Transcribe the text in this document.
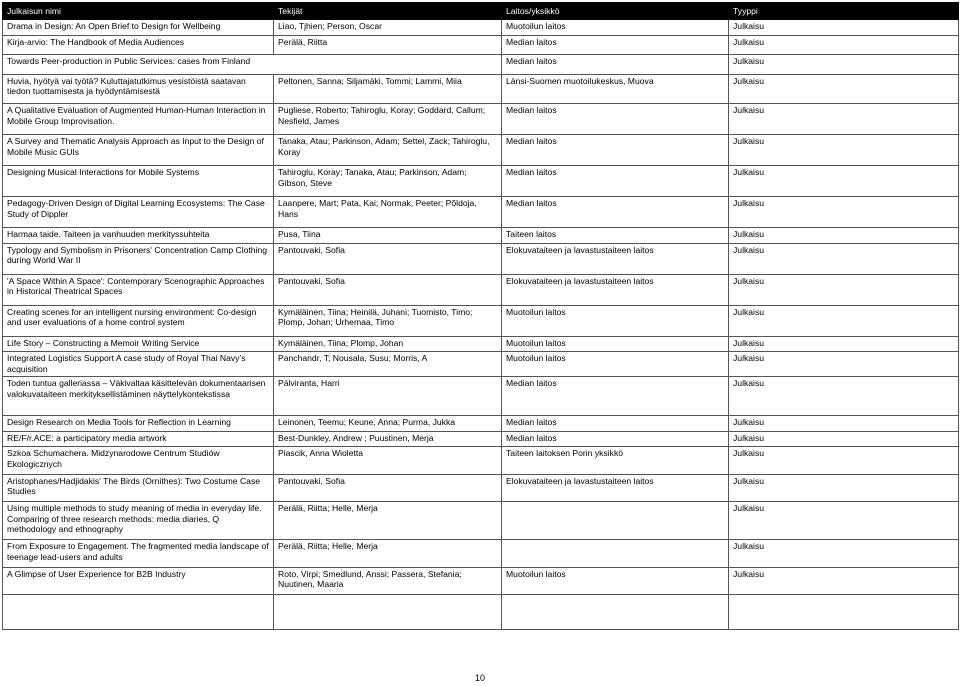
Julkaisun nimi	Tekijät	Laitos/yksikkö	Tyyppi
Drama in Design: An Open Brief to Design for Wellbeing	Liao, Tjhien; Person, Oscar	Muotoilun laitos	Julkaisu
Kirja-arvio: The Handbook of Media Audiences	Perälä, Riitta	Median laitos	Julkaisu
Towards Peer-production in Public Services: cases from Finland		Median laitos	Julkaisu
Huvia, hyötyä vai työtä? Kuluttajatutkimus vesistöistä saatavan tiedon tuottamisesta ja hyödyntämisestä	Peltonen, Sanna; Siljamäki, Tommi; Lammi, Miia	Länsi-Suomen muotoilukeskus, Muova	Julkaisu
A Qualitative Evaluation of Augmented Human-Human Interaction in Mobile Group Improvisation.	Pugliese, Roberto; Tahiroglu, Koray; Goddard, Callum; Nesfield, James	Median laitos	Julkaisu
A Survey and Thematic Analysis Approach as Input to the Design of Mobile Music GUIs	Tanaka, Atau; Parkinson, Adam; Settel, Zack; Tahiroglu, Koray	Median laitos	Julkaisu
Designing Musical Interactions for Mobile Systems	Tahiroglu, Koray; Tanaka, Atau; Parkinson, Adam; Gibson, Steve	Median laitos	Julkaisu
Pedagogy-Driven Design of Digital Learning Ecosystems: The Case Study of Dippler	Laanpere, Mart; Pata, Kai; Normak, Peeter; Põldoja, Hans	Median laitos	Julkaisu
Harmaa taide. Taiteen ja vanhuuden merkityssuhteita	Pusa, Tiina	Taiteen laitos	Julkaisu
Typology and Symbolism in Prisoners' Concentration Camp Clothing during World War II	Pantouvaki, Sofia	Elokuvataiteen ja lavastustaiteen laitos	Julkaisu
'A Space Within A Space': Contemporary Scenographic Approaches in Historical Theatrical Spaces	Pantouvaki, Sofia	Elokuvataiteen ja lavastustaiteen laitos	Julkaisu
Creating scenes for an intelligent nursing environment: Co-design and user evaluations of a home control system	Kymäläinen, Tiina; Heinilä, Juhani; Tuomisto, Timo; Plomp, Johan; Urhemaa, Timo	Muotoilun laitos	Julkaisu
Life Story – Constructing a Memoir Writing Service	Kymäläinen, Tiina; Plomp, Johan	Muotoilun laitos	Julkaisu
Integrated Logistics Support A case study of Royal Thai Navy’s acquisition	Panchandr, T; Nousala, Susu; Morris, A	Muotoilun laitos	Julkaisu
Toden tuntua galleriassa – Väkivaltaa käsittelevän dokumentaarisen valokuvataiteen merkityksellistäminen näyttelykontekstissa	Pälviranta, Harri	Median laitos	Julkaisu
Design Research on Media Tools for Reflection in Learning	Leinonen, Teemu; Keune, Anna; Purma, Jukka	Median laitos	Julkaisu
RE/F/r.ACE: a participatory media artwork	Best-Dunkley, Andrew ; Puustinen, Merja	Median laitos	Julkaisu
Szkoa Schumachera. Midzynarodowe Centrum Studiów Ekologicznych	Piascik, Anna Wioletta	Taiteen laitoksen Porin yksikkö	Julkaisu
Aristophanes/Hadjidakis' The Birds (Ornithes): Two Costume Case Studies	Pantouvaki, Sofia	Elokuvataiteen ja lavastustaiteen laitos	Julkaisu
Using multiple methods to study meaning of media in everyday life. Comparing of three research methods: media diaries, Q methodology and ethnography	Perälä, Riitta; Helle, Merja		Julkaisu
From Exposure to Engagement. The fragmented media landscape of teenage lead-users and adults	Perälä, Riitta; Helle, Merja		Julkaisu
A Glimpse of User Experience for B2B Industry	Roto, Virpi; Smedlund, Anssi; Passera, Stefania; Nuutinen, Maaria	Muotoilun laitos	Julkaisu

10
